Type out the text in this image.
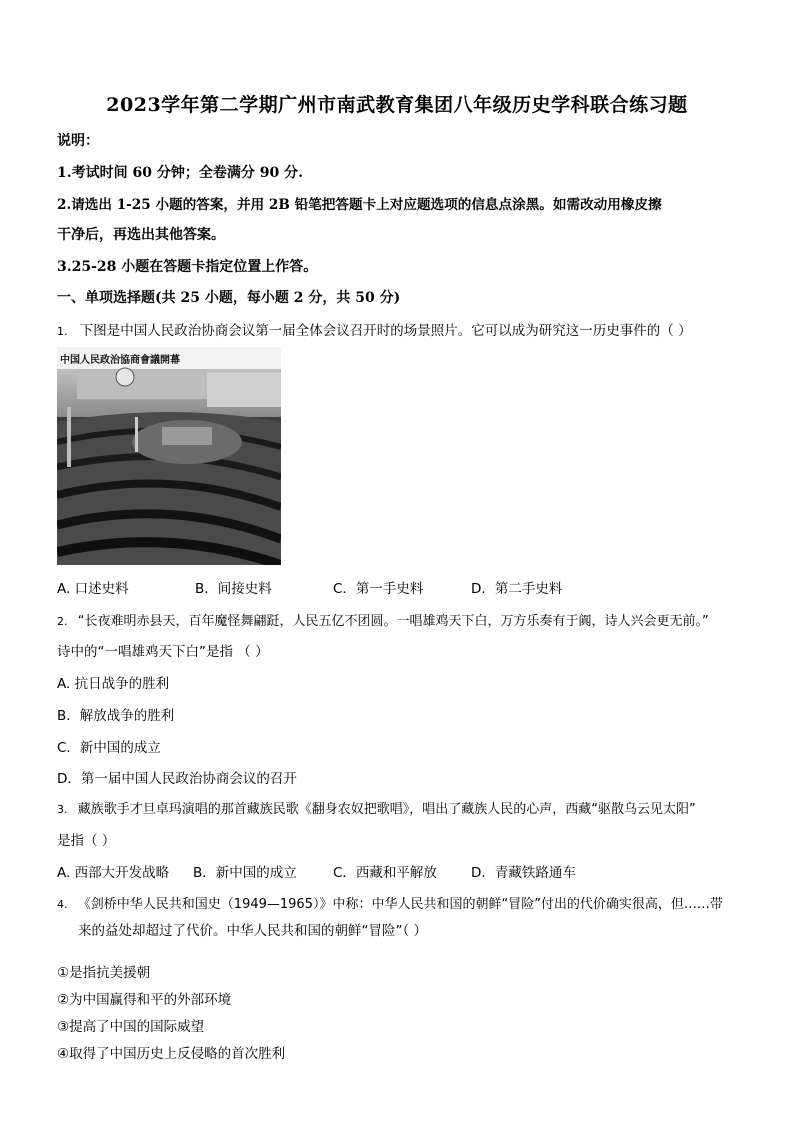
2023学年第二学期广州市南武教育集团八年级历史学科联合练习题
说明：
1.考试时间 60 分钟；全卷满分 90 分.
2.请选出 1-25 小题的答案，并用 2B 铅笔把答题卡上对应题选项的信息点涂黑。如需改动用橡皮擦
干净后，再选出其他答案。
3.25-28 小题在答题卡指定位置上作答。
一、单项选择题(共 25 小题，每小题 2 分，共 50 分)
1. 下图是中国人民政治协商会议第一届全体会议召开时的场景照片。它可以成为研究这一历史事件的（ ）
中国人民政治協商會議開幕
A. 口述史料	B．间接史料	C．第一手史料	D．第二手史料
2. “长夜难明赤县天，百年魔怪舞翩跹，人民五亿不团圆。一唱雄鸡天下白，万方乐奏有于阗，诗人兴会更无前。”
诗中的“一唱雄鸡天下白”是指 （ ）
A. 抗日战争的胜利
B．解放战争的胜利
C．新中国的成立
D．第一届中国人民政治协商会议的召开
3. 藏族歌手才旦卓玛演唱的那首藏族民歌《翻身农奴把歌唱》，唱出了藏族人民的心声，西藏“驱散乌云见太阳”
是指（ ）
A. 西部大开发战略 B．新中国的成立	C．西藏和平解放	D．青藏铁路通车
4. 《剑桥中华人民共和国史（1949—1965）》中称：中华人民共和国的朝鲜“冒险”付出的代价确实很高，但……带
来的益处却超过了代价。中华人民共和国的朝鲜“冒险”（ ）
①是指抗美援朝
②为中国赢得和平的外部环境
③提高了中国的国际威望
④取得了中国历史上反侵略的首次胜利
